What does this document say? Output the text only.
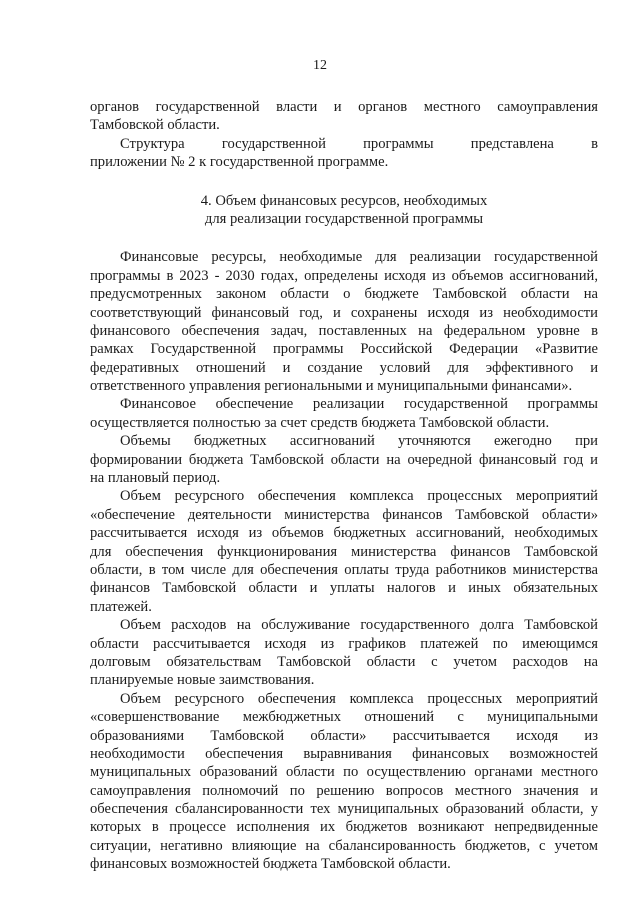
12
органов государственной власти и органов местного самоуправления
Тамбовской области.
Структура государственной программы представлена в
приложении № 2 к государственной программе.
4. Объем финансовых ресурсов, необходимых
для реализации государственной программы
Финансовые ресурсы, необходимые для реализации государственной
программы в 2023 - 2030 годах, определены исходя из объемов ассигнований,
предусмотренных законом области о бюджете Тамбовской области на
соответствующий финансовый год, и сохранены исходя из необходимости
финансового обеспечения задач, поставленных на федеральном уровне в
рамках Государственной программы Российской Федерации «Развитие
федеративных отношений и создание условий для эффективного и
ответственного управления региональными и муниципальными финансами».
Финансовое обеспечение реализации государственной программы
осуществляется полностью за счет средств бюджета Тамбовской области.
Объемы бюджетных ассигнований уточняются ежегодно при
формировании бюджета Тамбовской области на очередной финансовый год и
на плановый период.
Объем ресурсного обеспечения комплекса процессных мероприятий
«обеспечение деятельности министерства финансов Тамбовской области»
рассчитывается исходя из объемов бюджетных ассигнований, необходимых
для обеспечения функционирования министерства финансов Тамбовской
области, в том числе для обеспечения оплаты труда работников министерства
финансов Тамбовской области и уплаты налогов и иных обязательных
платежей.
Объем расходов на обслуживание государственного долга Тамбовской
области рассчитывается исходя из графиков платежей по имеющимся
долговым обязательствам Тамбовской области с учетом расходов на
планируемые новые заимствования.
Объем ресурсного обеспечения комплекса процессных мероприятий
«совершенствование межбюджетных отношений с муниципальными
образованиями Тамбовской области» рассчитывается исходя из
необходимости обеспечения выравнивания финансовых возможностей
муниципальных образований области по осуществлению органами местного
самоуправления полномочий по решению вопросов местного значения и
обеспечения сбалансированности тех муниципальных образований области, у
которых в процессе исполнения их бюджетов возникают непредвиденные
ситуации, негативно влияющие на сбалансированность бюджетов, с учетом
финансовых возможностей бюджета Тамбовской области.
